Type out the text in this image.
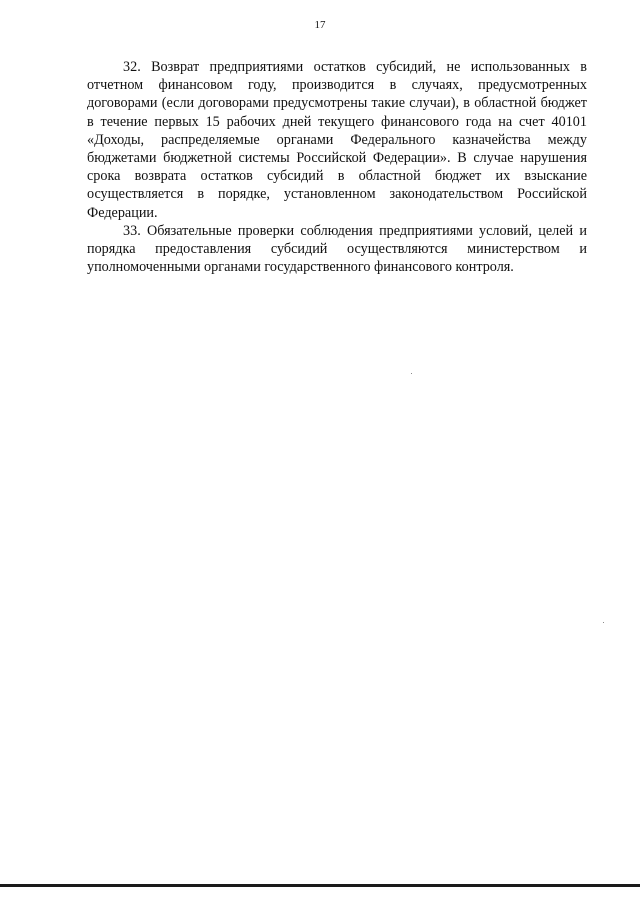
17

32. Возврат предприятиями остатков субсидий, не использованных в отчетном финансовом году, производится в случаях, предусмотренных договорами (если договорами предусмотрены такие случаи), в областной бюджет в течение первых 15 рабочих дней текущего финансового года на счет 40101 «Доходы, распределяемые органами Федерального казначейства между бюджетами бюджетной системы Российской Федерации». В случае нарушения срока возврата остатков субсидий в областной бюджет их взыскание осуществляется в порядке, установленном законодательством Российской Федерации.

33. Обязательные проверки соблюдения предприятиями условий, целей и порядка предоставления субсидий осуществляются министерством и уполномоченными органами государственного финансового контроля.
